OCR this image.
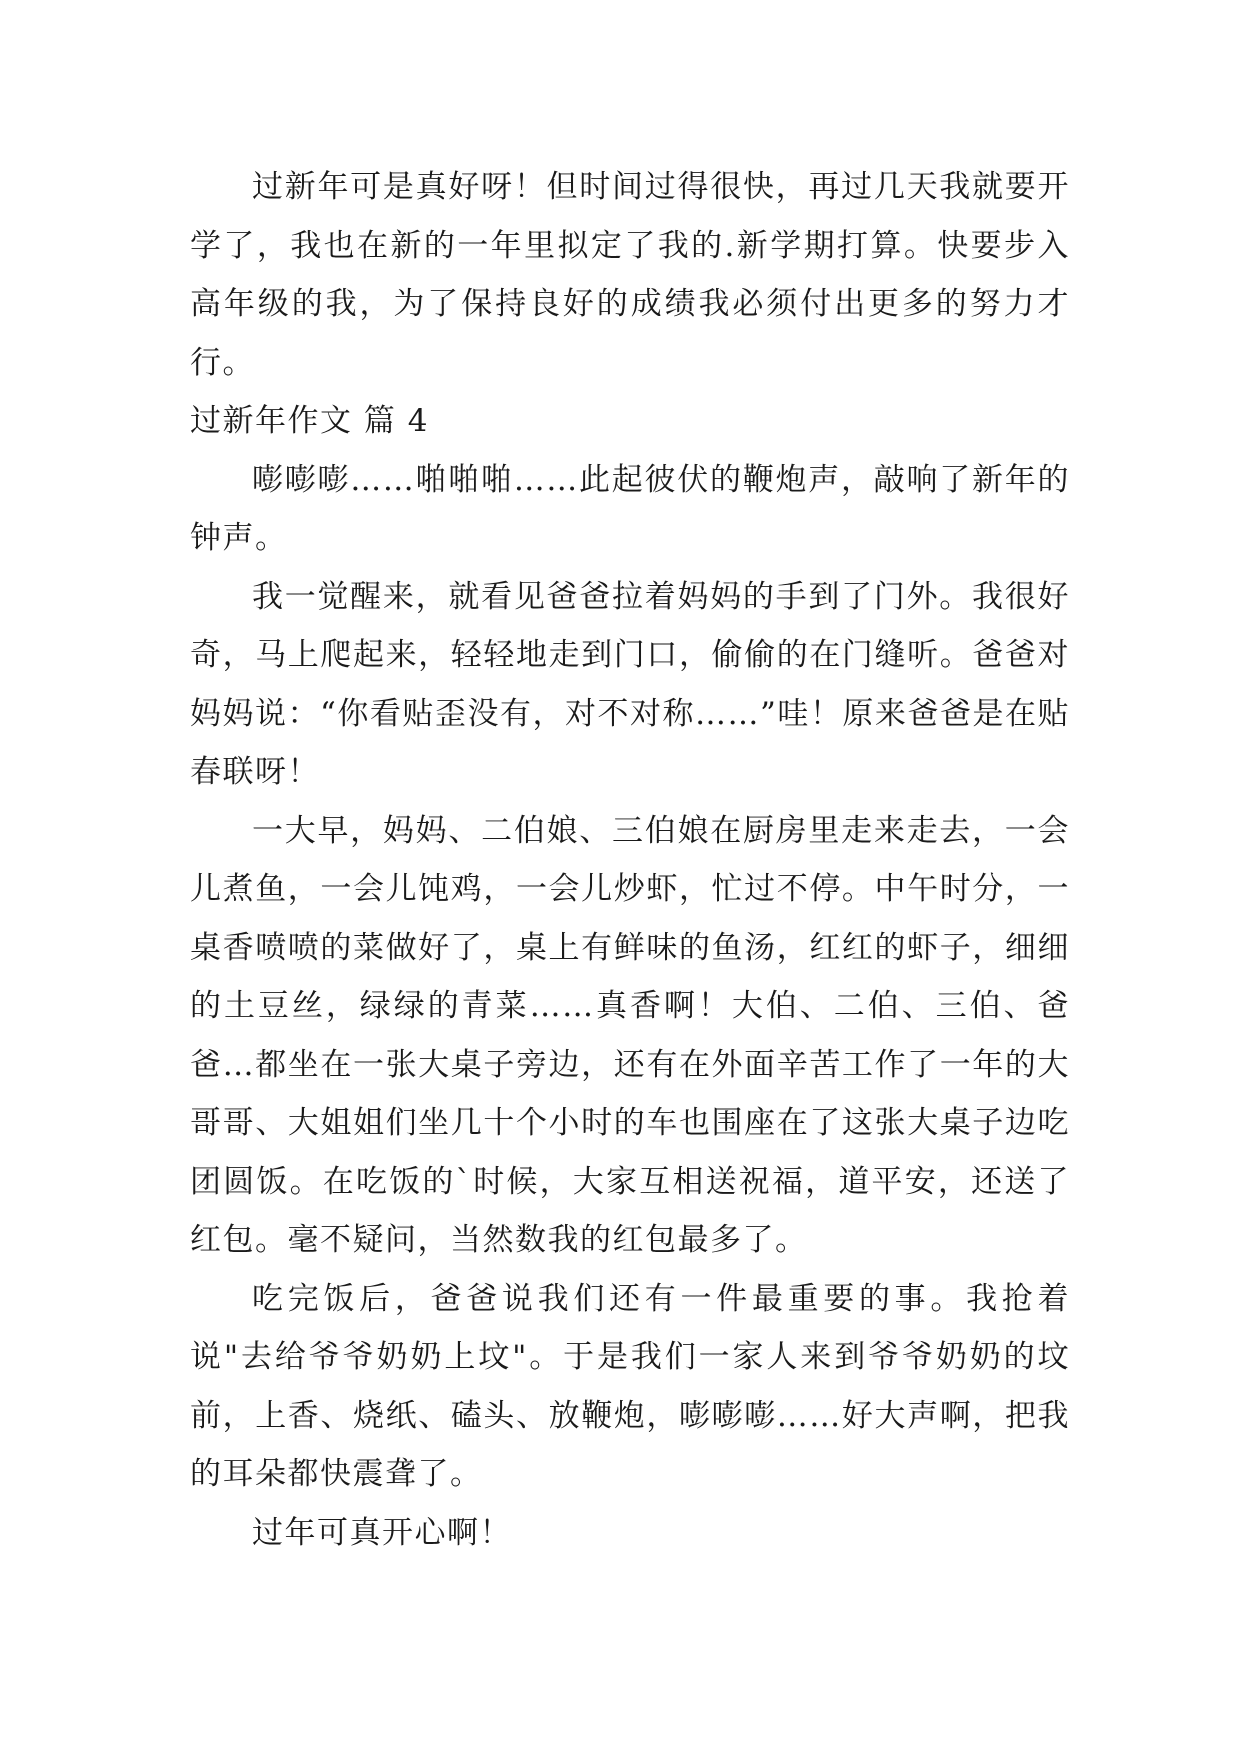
过新年可是真好呀！但时间过得很快，再过几天我就要开学了，我也在新的一年里拟定了我的.新学期打算。快要步入高年级的我，为了保持良好的成绩我必须付出更多的努力才行。

过新年作文 篇 4

嘭嘭嘭……啪啪啪……此起彼伏的鞭炮声，敲响了新年的钟声。

我一觉醒来，就看见爸爸拉着妈妈的手到了门外。我很好奇，马上爬起来，轻轻地走到门口，偷偷的在门缝听。爸爸对妈妈说：“你看贴歪没有，对不对称……”哇！原来爸爸是在贴春联呀！

一大早，妈妈、二伯娘、三伯娘在厨房里走来走去，一会儿煮鱼，一会儿饨鸡，一会儿炒虾，忙过不停。中午时分，一桌香喷喷的菜做好了，桌上有鲜味的鱼汤，红红的虾子，细细的土豆丝，绿绿的青菜……真香啊！大伯、二伯、三伯、爸爸…都坐在一张大桌子旁边，还有在外面辛苦工作了一年的大哥哥、大姐姐们坐几十个小时的车也围座在了这张大桌子边吃团圆饭。在吃饭的`时候，大家互相送祝福，道平安，还送了红包。毫不疑问，当然数我的红包最多了。

吃完饭后，爸爸说我们还有一件最重要的事。我抢着说"去给爷爷奶奶上坟"。于是我们一家人来到爷爷奶奶的坟前，上香、烧纸、磕头、放鞭炮，嘭嘭嘭……好大声啊，把我的耳朵都快震聋了。

过年可真开心啊！
